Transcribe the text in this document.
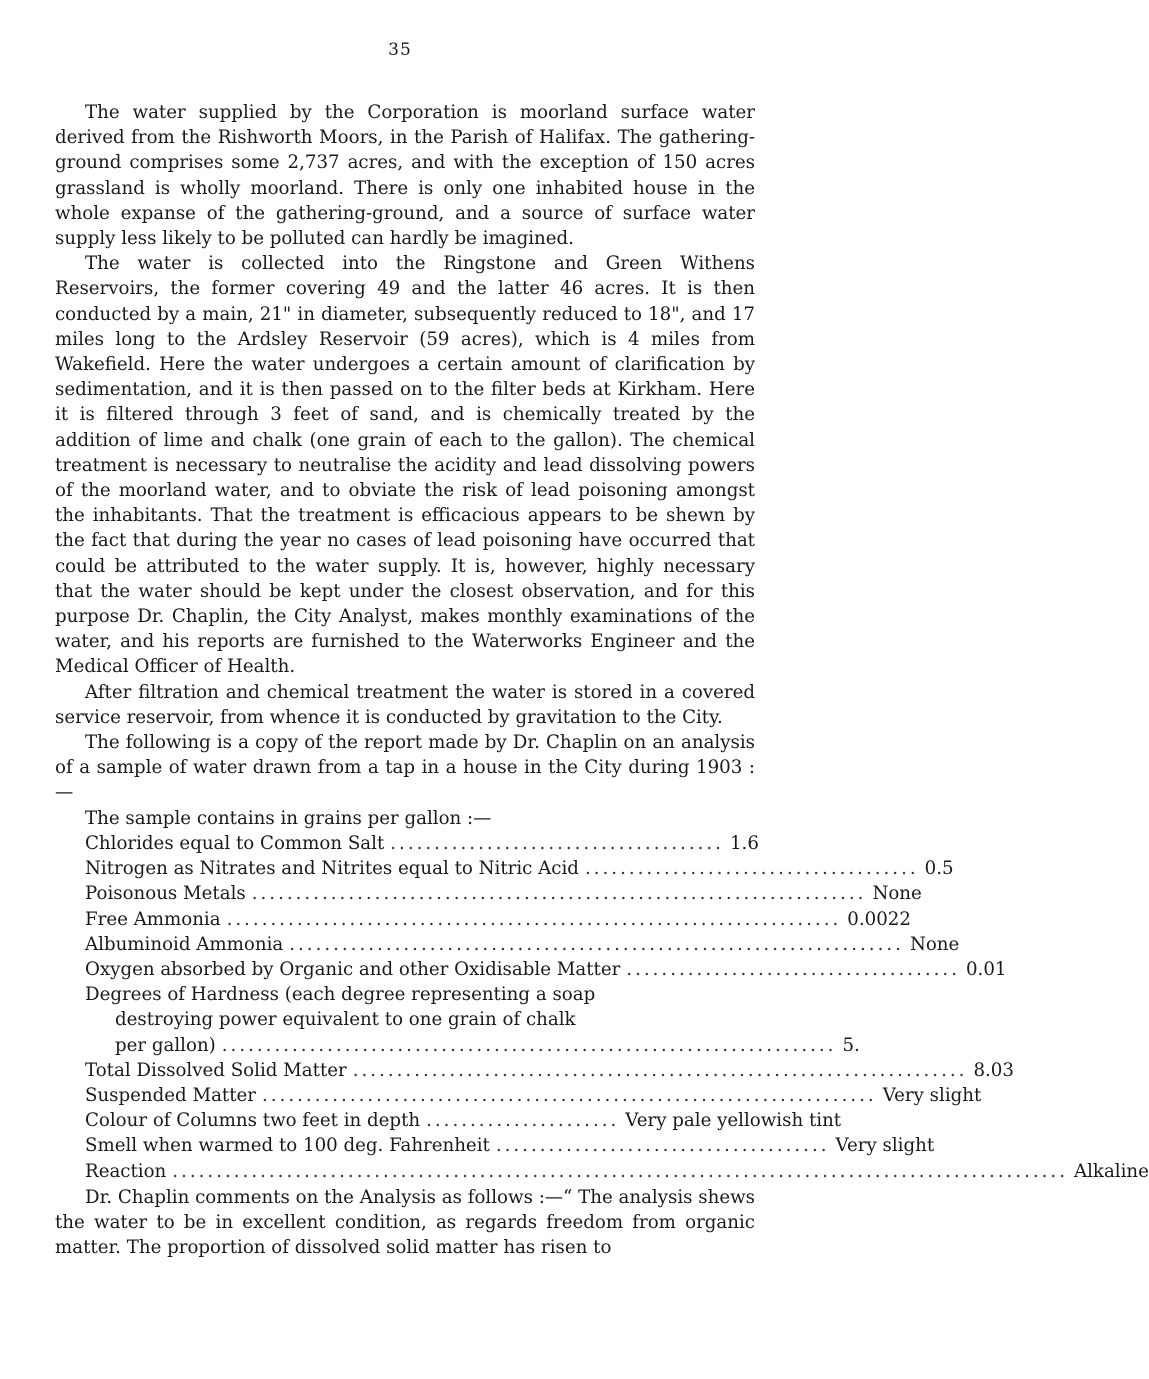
35

The water supplied by the Corporation is moorland surface water derived from the Rishworth Moors, in the Parish of Halifax. The gathering-ground comprises some 2,737 acres, and with the exception of 150 acres grassland is wholly moorland. There is only one inhabited house in the whole expanse of the gathering-ground, and a source of surface water supply less likely to be polluted can hardly be imagined.

The water is collected into the Ringstone and Green Withens Reservoirs, the former covering 49 and the latter 46 acres. It is then conducted by a main, 21" in diameter, subsequently reduced to 18", and 17 miles long to the Ardsley Reservoir (59 acres), which is 4 miles from Wakefield. Here the water undergoes a certain amount of clarification by sedimentation, and it is then passed on to the filter beds at Kirkham. Here it is filtered through 3 feet of sand, and is chemically treated by the addition of lime and chalk (one grain of each to the gallon). The chemical treatment is necessary to neutralise the acidity and lead dissolving powers of the moorland water, and to obviate the risk of lead poisoning amongst the inhabitants. That the treatment is efficacious appears to be shewn by the fact that during the year no cases of lead poisoning have occurred that could be attributed to the water supply. It is, however, highly necessary that the water should be kept under the closest observation, and for this purpose Dr. Chaplin, the City Analyst, makes monthly examinations of the water, and his reports are furnished to the Waterworks Engineer and the Medical Officer of Health.

After filtration and chemical treatment the water is stored in a covered service reservoir, from whence it is conducted by gravitation to the City.

The following is a copy of the report made by Dr. Chaplin on an analysis of a sample of water drawn from a tap in a house in the City during 1903 :—

The sample contains in grains per gallon :—

Chlorides equal to Common Salt ...................................... 1.6
Nitrogen as Nitrates and Nitrites equal to Nitric Acid ...................................... 0.5
Poisonous Metals ...................................................................... None
Free Ammonia ...................................................................... 0.0022
Albuminoid Ammonia ...................................................................... None
Oxygen absorbed by Organic and other Oxidisable Matter ...................................... 0.01
Degrees of Hardness (each degree representing a soap
destroying power equivalent to one grain of chalk
per gallon) ...................................................................... 5.
Total Dissolved Solid Matter ...................................................................... 8.03
Suspended Matter ...................................................................... Very slight
Colour of Columns two feet in depth ...................... Very pale yellowish tint
Smell when warmed to 100 deg. Fahrenheit ...................................... Very slight
Reaction ...................................................................................................... Alkaline

Dr. Chaplin comments on the Analysis as follows :—“ The analysis shews the water to be in excellent condition, as regards freedom from organic matter. The proportion of dissolved solid matter has risen to
